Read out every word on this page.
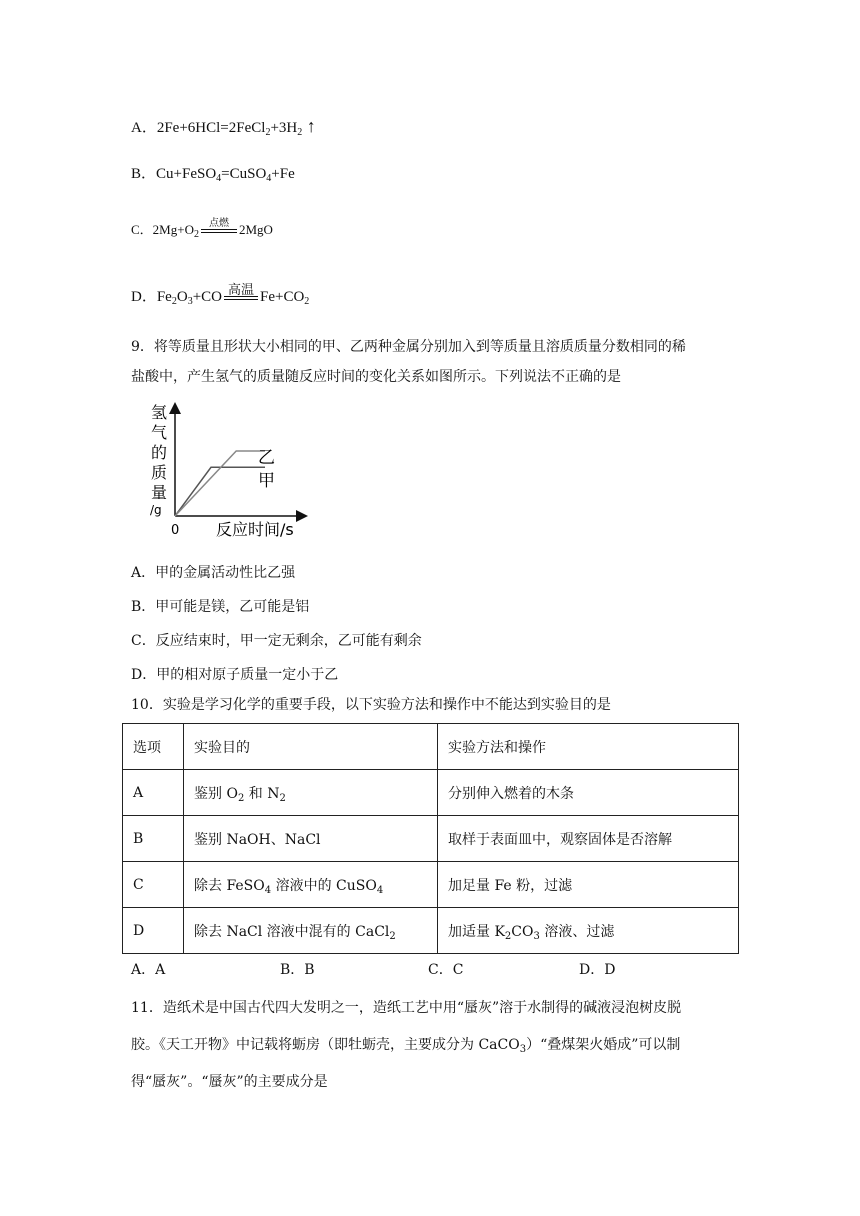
A．$2Fe+6HCl=2FeCl_2+3H_2$ ↑
B．Cu+FeSO$_4$=CuSO$_4$+Fe
C．$2Mg+O_2$
点燃 2MgO
D．$Fe_2O_3+CO$ 高温 $Fe+CO_2$
9．将等质量且形状大小相同的甲、乙两种金属分别加入到等质量且溶质质量分数相同的稀
盐酸中，产生氢气的质量随反应时间的变化关系如图所示。下列说法不正确的是
乙
甲
0 反应时间/s
氢
气
的
质
量
/g
A．甲的金属活动性比乙强
B．甲可能是镁，乙可能是铝
C．反应结束时，甲一定无剩余，乙可能有剩余
D．甲的相对原子质量一定小于乙
10．实验是学习化学的重要手段，以下实验方法和操作中不能达到实验目的是
选项	实验目的	实验方法和操作
A	鉴别 $O_2$ 和 $N_2$	分别伸入燃着的木条
B	鉴别 NaOH、NaCl	取样于表面皿中，观察固体是否溶解
C	除去 FeSO$_4$ 溶液中的 CuSO$_4$	加足量 Fe 粉，过滤
D	除去 NaCl 溶液中混有的 CaCl$_2$	加适量 $K_2CO_3$ 溶液、过滤
A．A	B．B	C．C	D．D
11．造纸术是中国古代四大发明之一，造纸工艺中用“蜃灰”溶于水制得的碱液浸泡树皮脱
胶。《天工开物》中记载将蛎房（即牡蛎壳，主要成分为 CaCO$_3$）“叠煤架火婚成”可以制
得“蜃灰”。“蜃灰”的主要成分是
